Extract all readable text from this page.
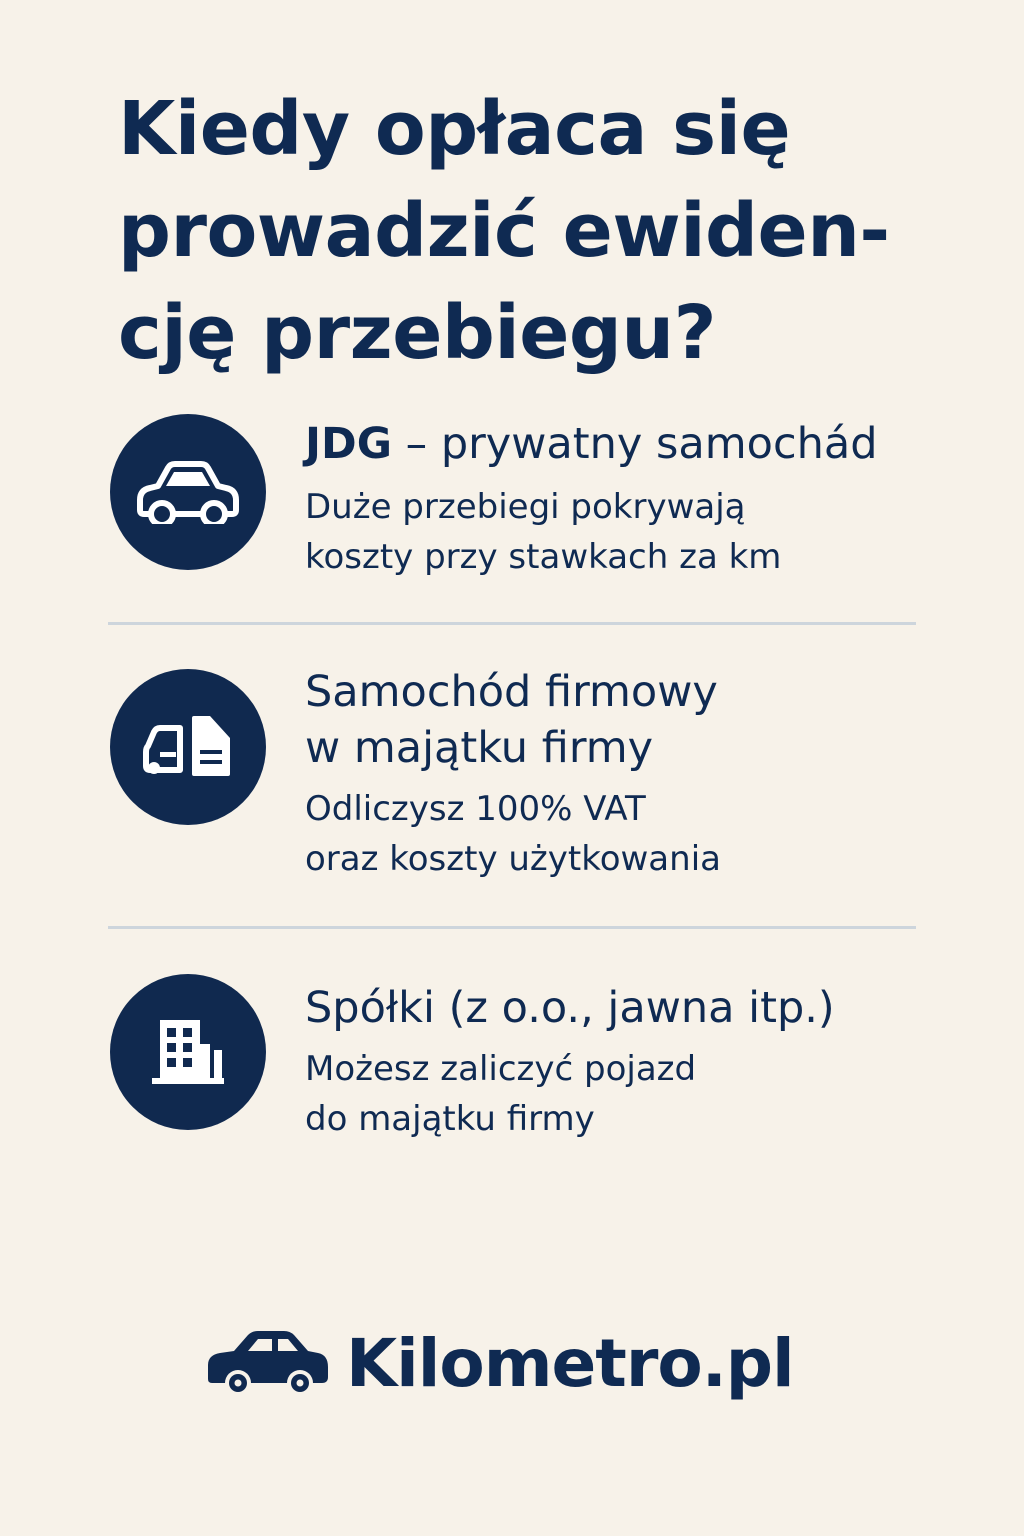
Kiedy opłaca się
prowadzić ewiden-
cję przebiegu?
JDG – prywatny samochád

Duże przebiegi pokrywają
koszty przy stawkach za km

Samochód firmowy
w majątku firmy

Odliczysz 100% VAT
oraz koszty użytkowania

Spółki (z o.o., jawna itp.)

Możesz zaliczyć pojazd
do majątku firmy

Kilometro.pl
